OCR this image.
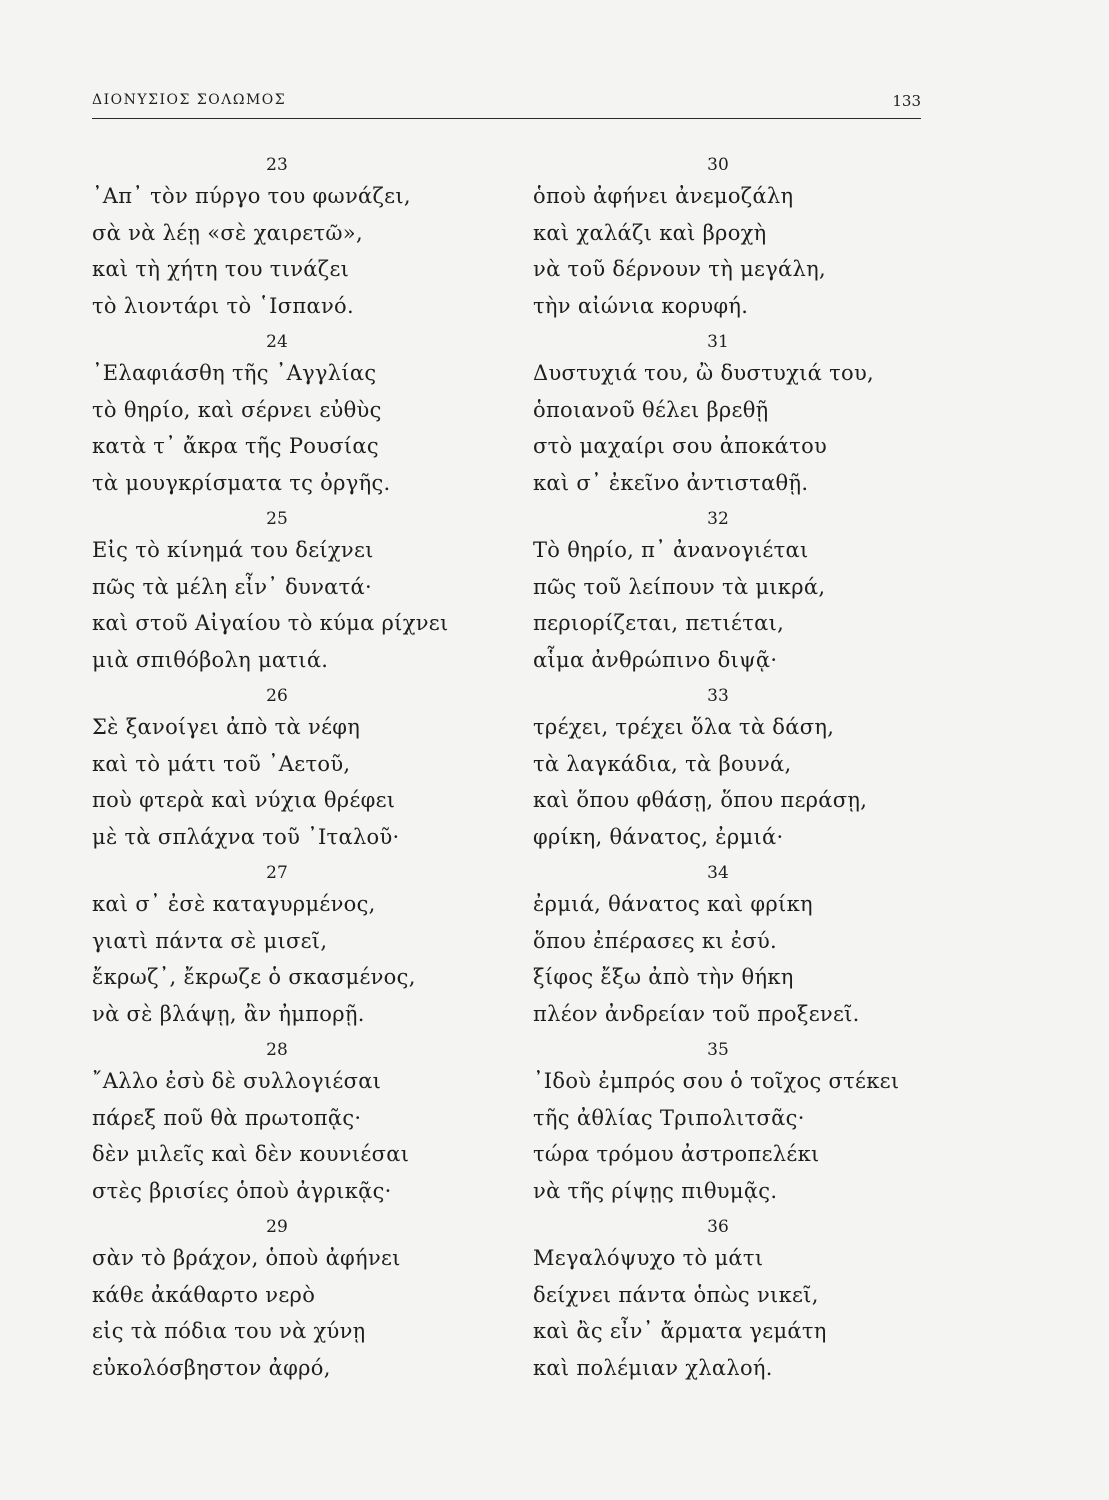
ΔΙΟΝΥΣΙΟΣ ΣΟΛΩΜΟΣ	133
23
᾿Απ᾿ τὸν πύργο του φωνάζει,
σὰ νὰ λέῃ «σὲ χαιρετῶ»,
καὶ τὴ χήτη του τινάζει
τὸ λιοντάρι τὸ ῾Ισπανό.
24
᾿Ελαφιάσθη τῆς ᾿Αγγλίας
τὸ θηρίο, καὶ σέρνει εὐθὺς
κατὰ τ᾿ ἄκρα τῆς Ρουσίας
τὰ μουγκρίσματα τς ὀργῆς.
25
Εἰς τὸ κίνημά του δείχνει
πῶς τὰ μέλη εἶν᾿ δυνατά·
καὶ στοῦ Αἰγαίου τὸ κύμα ρίχνει
μιὰ σπιθόβολη ματιά.
26
Σὲ ξανοίγει ἀπὸ τὰ νέφη
καὶ τὸ μάτι τοῦ ᾿Αετοῦ,
ποὺ φτερὰ καὶ νύχια θρέφει
μὲ τὰ σπλάχνα τοῦ ᾿Ιταλοῦ·
27
καὶ σ᾿ ἐσὲ καταγυρμένος,
γιατὶ πάντα σὲ μισεῖ,
ἔκρωζ᾿, ἔκρωζε ὁ σκασμένος,
νὰ σὲ βλάψῃ, ἂν ἠμπορῇ.
28
῎Αλλο ἐσὺ δὲ συλλογιέσαι
πάρεξ ποῦ θὰ πρωτοπᾷς·
δὲν μιλεῖς καὶ δὲν κουνιέσαι
στὲς βρισίες ὁποὺ ἀγρικᾷς·
29
σὰν τὸ βράχον, ὁποὺ ἀφήνει
κάθε ἀκάθαρτο νερὸ
εἰς τὰ πόδια του νὰ χύνῃ
εὐκολόσβηστον ἀφρό,
30
ὁποὺ ἀφήνει ἀνεμοζάλη
καὶ χαλάζι καὶ βροχὴ
νὰ τοῦ δέρνουν τὴ μεγάλη,
τὴν αἰώνια κορυφή.
31
Δυστυχιά του, ὢ δυστυχιά του,
ὁποιανοῦ θέλει βρεθῇ
στὸ μαχαίρι σου ἀποκάτου
καὶ σ᾿ ἐκεῖνο ἀντισταθῇ.
32
Τὸ θηρίο, π᾿ ἀνανογιέται
πῶς τοῦ λείπουν τὰ μικρά,
περιορίζεται, πετιέται,
αἷμα ἀνθρώπινο διψᾷ·
33
τρέχει, τρέχει ὅλα τὰ δάση,
τὰ λαγκάδια, τὰ βουνά,
καὶ ὅπου φθάσῃ, ὅπου περάσῃ,
φρίκη, θάνατος, ἐρμιά·
34
ἐρμιά, θάνατος καὶ φρίκη
ὅπου ἐπέρασες κι ἐσύ.
ξίφος ἔξω ἀπὸ τὴν θήκη
πλέον ἀνδρείαν τοῦ προξενεῖ.
35
᾿Ιδοὺ ἐμπρός σου ὁ τοῖχος στέκει
τῆς ἀθλίας Τριπολιτσᾶς·
τώρα τρόμου ἀστροπελέκι
νὰ τῆς ρίψῃς πιθυμᾷς.
36
Μεγαλόψυχο τὸ μάτι
δείχνει πάντα ὁπὼς νικεῖ,
καὶ ἂς εἶν᾿ ἄρματα γεμάτη
καὶ πολέμιαν χλαλοή.
